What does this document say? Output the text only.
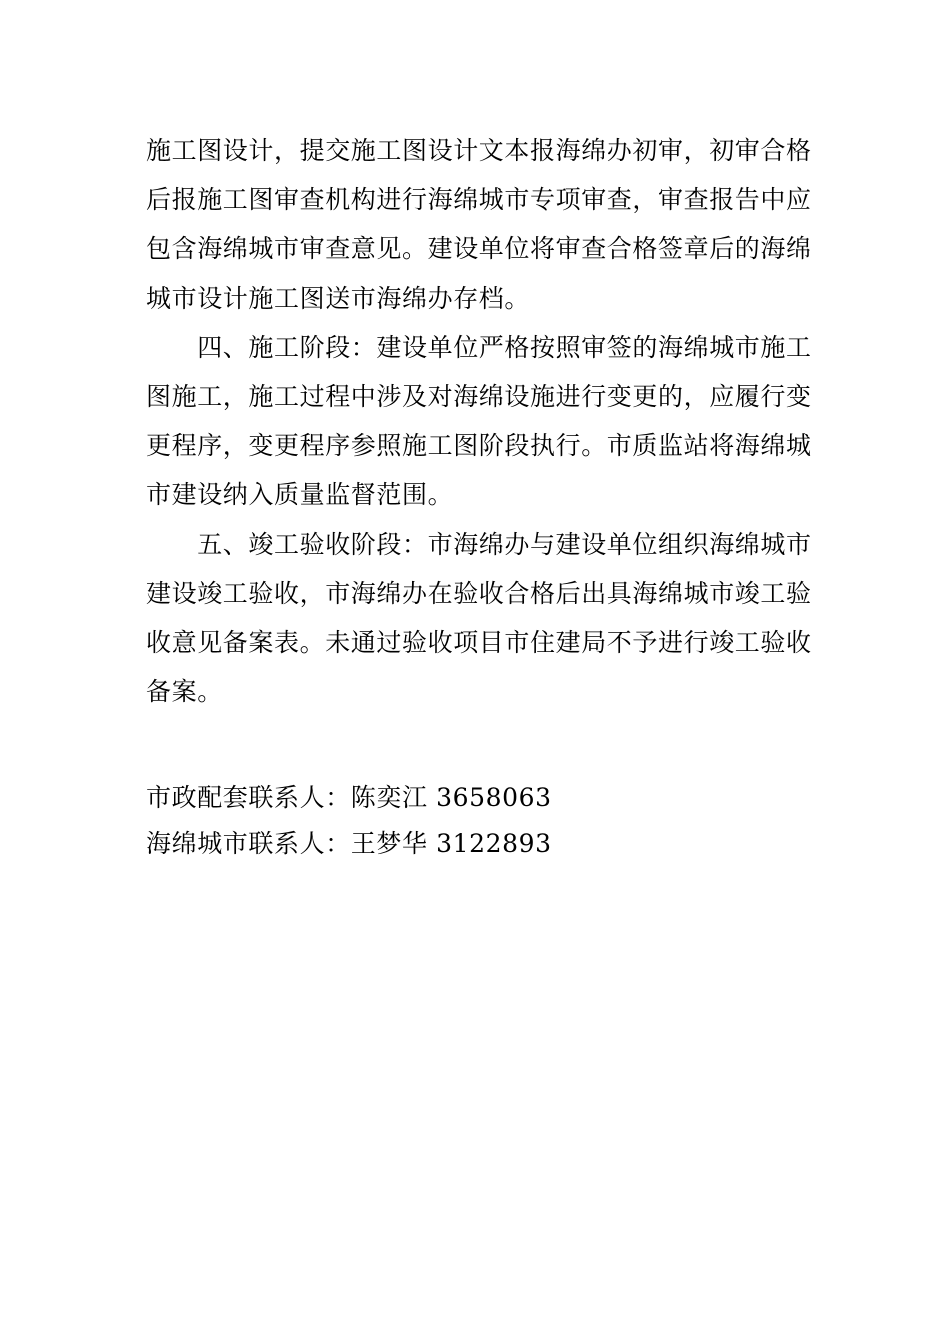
施工图设计，提交施工图设计文本报海绵办初审，初审合格
后报施工图审查机构进行海绵城市专项审查，审查报告中应
包含海绵城市审查意见。建设单位将审查合格签章后的海绵
城市设计施工图送市海绵办存档。
　　四、施工阶段：建设单位严格按照审签的海绵城市施工
图施工，施工过程中涉及对海绵设施进行变更的，应履行变
更程序，变更程序参照施工图阶段执行。市质监站将海绵城
市建设纳入质量监督范围。
　　五、竣工验收阶段：市海绵办与建设单位组织海绵城市
建设竣工验收，市海绵办在验收合格后出具海绵城市竣工验
收意见备案表。未通过验收项目市住建局不予进行竣工验收
备案。
市政配套联系人：陈奕江 3658063
海绵城市联系人：王梦华 3122893
